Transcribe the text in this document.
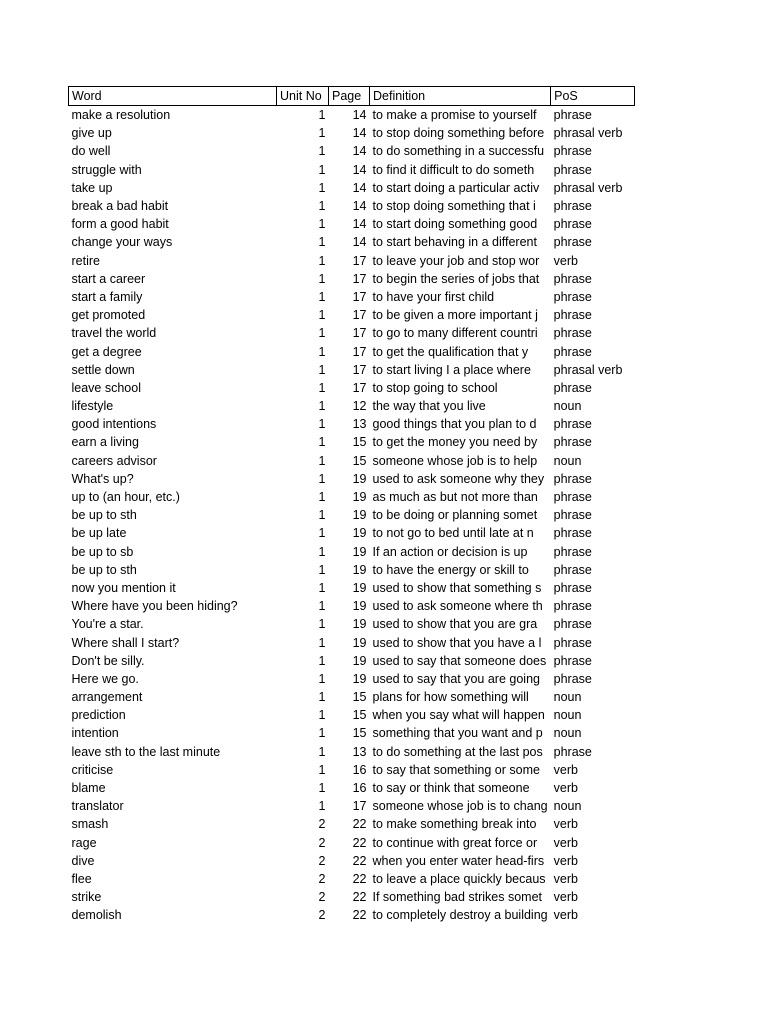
Word	Unit No	Page	Definition	PoS
make a resolution	1	14	to make a promise to yourself	phrase
give up	1	14	to stop doing something before	phrasal verb
do well	1	14	to do something in a successfu	phrase
struggle with	1	14	to find it difficult to do someth	phrase
take up	1	14	to start doing a particular activ	phrasal verb
break a bad habit	1	14	to stop doing something that i	phrase
form a good habit	1	14	to start doing something good	phrase
change your ways	1	14	to start behaving in a different	phrase
retire	1	17	to leave your job and stop wor	verb
start a career	1	17	to begin the series of jobs that	phrase
start a family	1	17	to have your first child	phrase
get promoted	1	17	to be given a more important j	phrase
travel the world	1	17	to go to many different countri	phrase
get a degree	1	17	to get the qualification that y	phrase
settle down	1	17	to start living I a place where	phrasal verb
leave school	1	17	to stop going to school	phrase
lifestyle	1	12	the way that you live	noun
good intentions	1	13	good things that you plan to d	phrase
earn a living	1	15	to get the money you need by	phrase
careers advisor	1	15	someone whose job is to help	noun
What's up?	1	19	used to ask someone why they	phrase
up to (an hour, etc.)	1	19	as much as but not more than	phrase
be up to sth	1	19	to be doing or planning somet	phrase
be up late	1	19	to not go to bed until late at n	phrase
be up to sb	1	19	If an action or decision is up	phrase
be up to sth	1	19	to have the energy or skill to	phrase
now you mention it	1	19	used to show that something s	phrase
Where have you been hiding?	1	19	used to ask someone where th	phrase
You're a star.	1	19	used to show that you are gra	phrase
Where shall I start?	1	19	used to show that you have a l	phrase
Don't be silly.	1	19	used to say that someone does	phrase
Here we go.	1	19	used to say that you are going	phrase
arrangement	1	15	plans for how something will	noun
prediction	1	15	when you say what will happen	noun
intention	1	15	something that you want and p	noun
leave sth to the last minute	1	13	to do something at the last pos	phrase
criticise	1	16	to say that something or some	verb
blame	1	16	to say or think that someone	verb
translator	1	17	someone whose job is to chang	noun
smash	2	22	to make something break into	verb
rage	2	22	to continue with great force or	verb
dive	2	22	when you enter water head-firs	verb
flee	2	22	to leave a place quickly becaus	verb
strike	2	22	If something bad strikes somet	verb
demolish	2	22	to completely destroy a building	verb
